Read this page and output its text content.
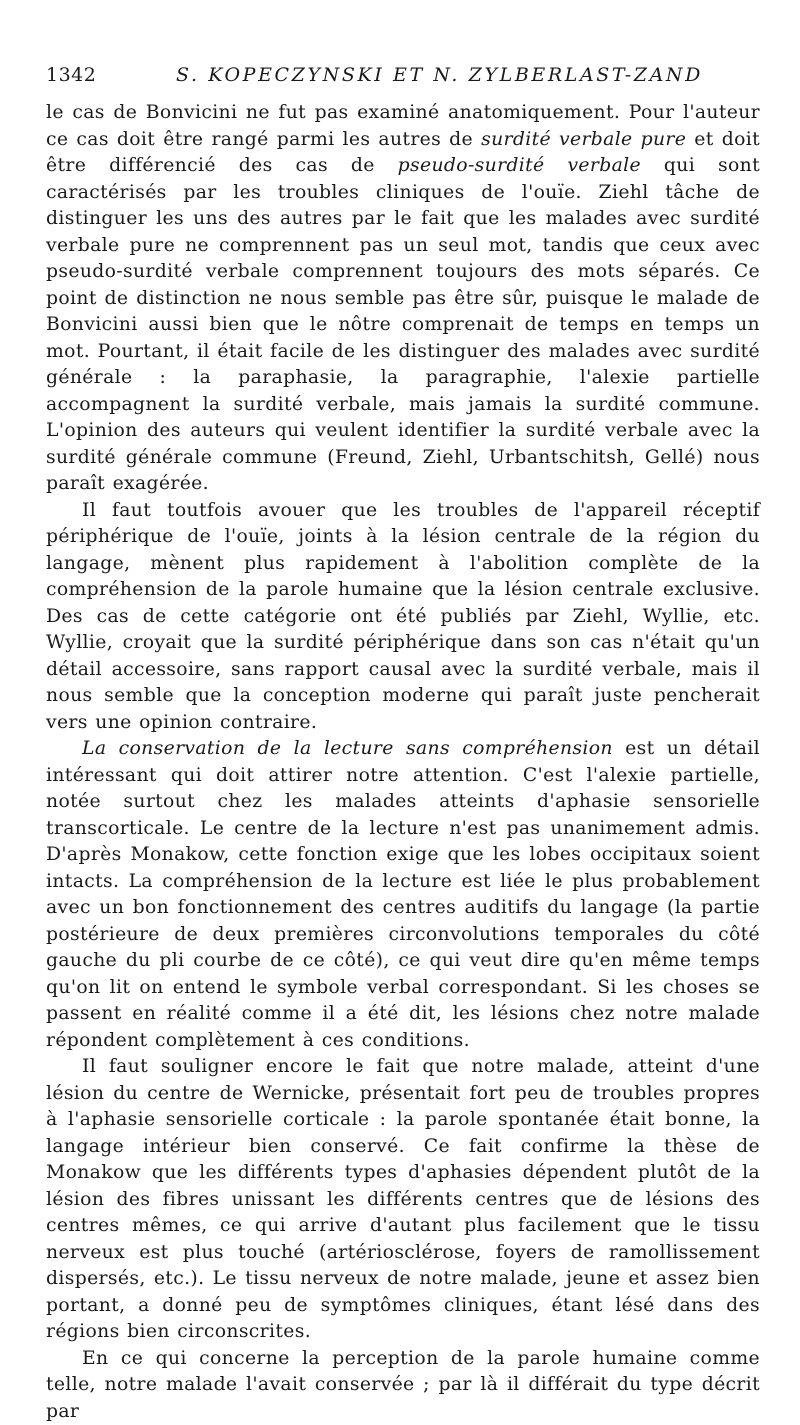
1342	S. KOPECZYNSKI ET N. ZYLBERLAST-ZAND

le cas de Bonvicini ne fut pas examiné anatomiquement. Pour l'auteur ce cas doit être rangé parmi les autres de surdité verbale pure et doit être différencié des cas de pseudo-surdité verbale qui sont caractérisés par les troubles cliniques de l'ouïe. Ziehl tâche de distinguer les uns des autres par le fait que les malades avec surdité verbale pure ne comprennent pas un seul mot, tandis que ceux avec pseudo-surdité verbale comprennent toujours des mots séparés. Ce point de distinction ne nous semble pas être sûr, puisque le malade de Bonvicini aussi bien que le nôtre comprenait de temps en temps un mot. Pourtant, il était facile de les distinguer des malades avec surdité générale : la paraphasie, la paragraphie, l'alexie partielle accompagnent la surdité verbale, mais jamais la surdité commune. L'opinion des auteurs qui veulent identifier la surdité verbale avec la surdité générale commune (Freund, Ziehl, Urbantschitsh, Gellé) nous paraît exagérée.

Il faut toutfois avouer que les troubles de l'appareil réceptif périphérique de l'ouïe, joints à la lésion centrale de la région du langage, mènent plus rapidement à l'abolition complète de la compréhension de la parole humaine que la lésion centrale exclusive. Des cas de cette catégorie ont été publiés par Ziehl, Wyllie, etc. Wyllie, croyait que la surdité périphérique dans son cas n'était qu'un détail accessoire, sans rapport causal avec la surdité verbale, mais il nous semble que la conception moderne qui paraît juste pencherait vers une opinion contraire.

La conservation de la lecture sans compréhension est un détail intéressant qui doit attirer notre attention. C'est l'alexie partielle, notée surtout chez les malades atteints d'aphasie sensorielle transcorticale. Le centre de la lecture n'est pas unanimement admis. D'après Monakow, cette fonction exige que les lobes occipitaux soient intacts. La compréhension de la lecture est liée le plus probablement avec un bon fonctionnement des centres auditifs du langage (la partie postérieure de deux premières circonvolutions temporales du côté gauche du pli courbe de ce côté), ce qui veut dire qu'en même temps qu'on lit on entend le symbole verbal correspondant. Si les choses se passent en réalité comme il a été dit, les lésions chez notre malade répondent complètement à ces conditions.

Il faut souligner encore le fait que notre malade, atteint d'une lésion du centre de Wernicke, présentait fort peu de troubles propres à l'aphasie sensorielle corticale : la parole spontanée était bonne, la langage intérieur bien conservé. Ce fait confirme la thèse de Monakow que les différents types d'aphasies dépendent plutôt de la lésion des fibres unissant les différents centres que de lésions des centres mêmes, ce qui arrive d'autant plus facilement que le tissu nerveux est plus touché (artériosclérose, foyers de ramollissement dispersés, etc.). Le tissu nerveux de notre malade, jeune et assez bien portant, a donné peu de symptômes cliniques, étant lésé dans des régions bien circonscrites.

En ce qui concerne la perception de la parole humaine comme telle, notre malade l'avait conservée ; par là il différait du type décrit par
